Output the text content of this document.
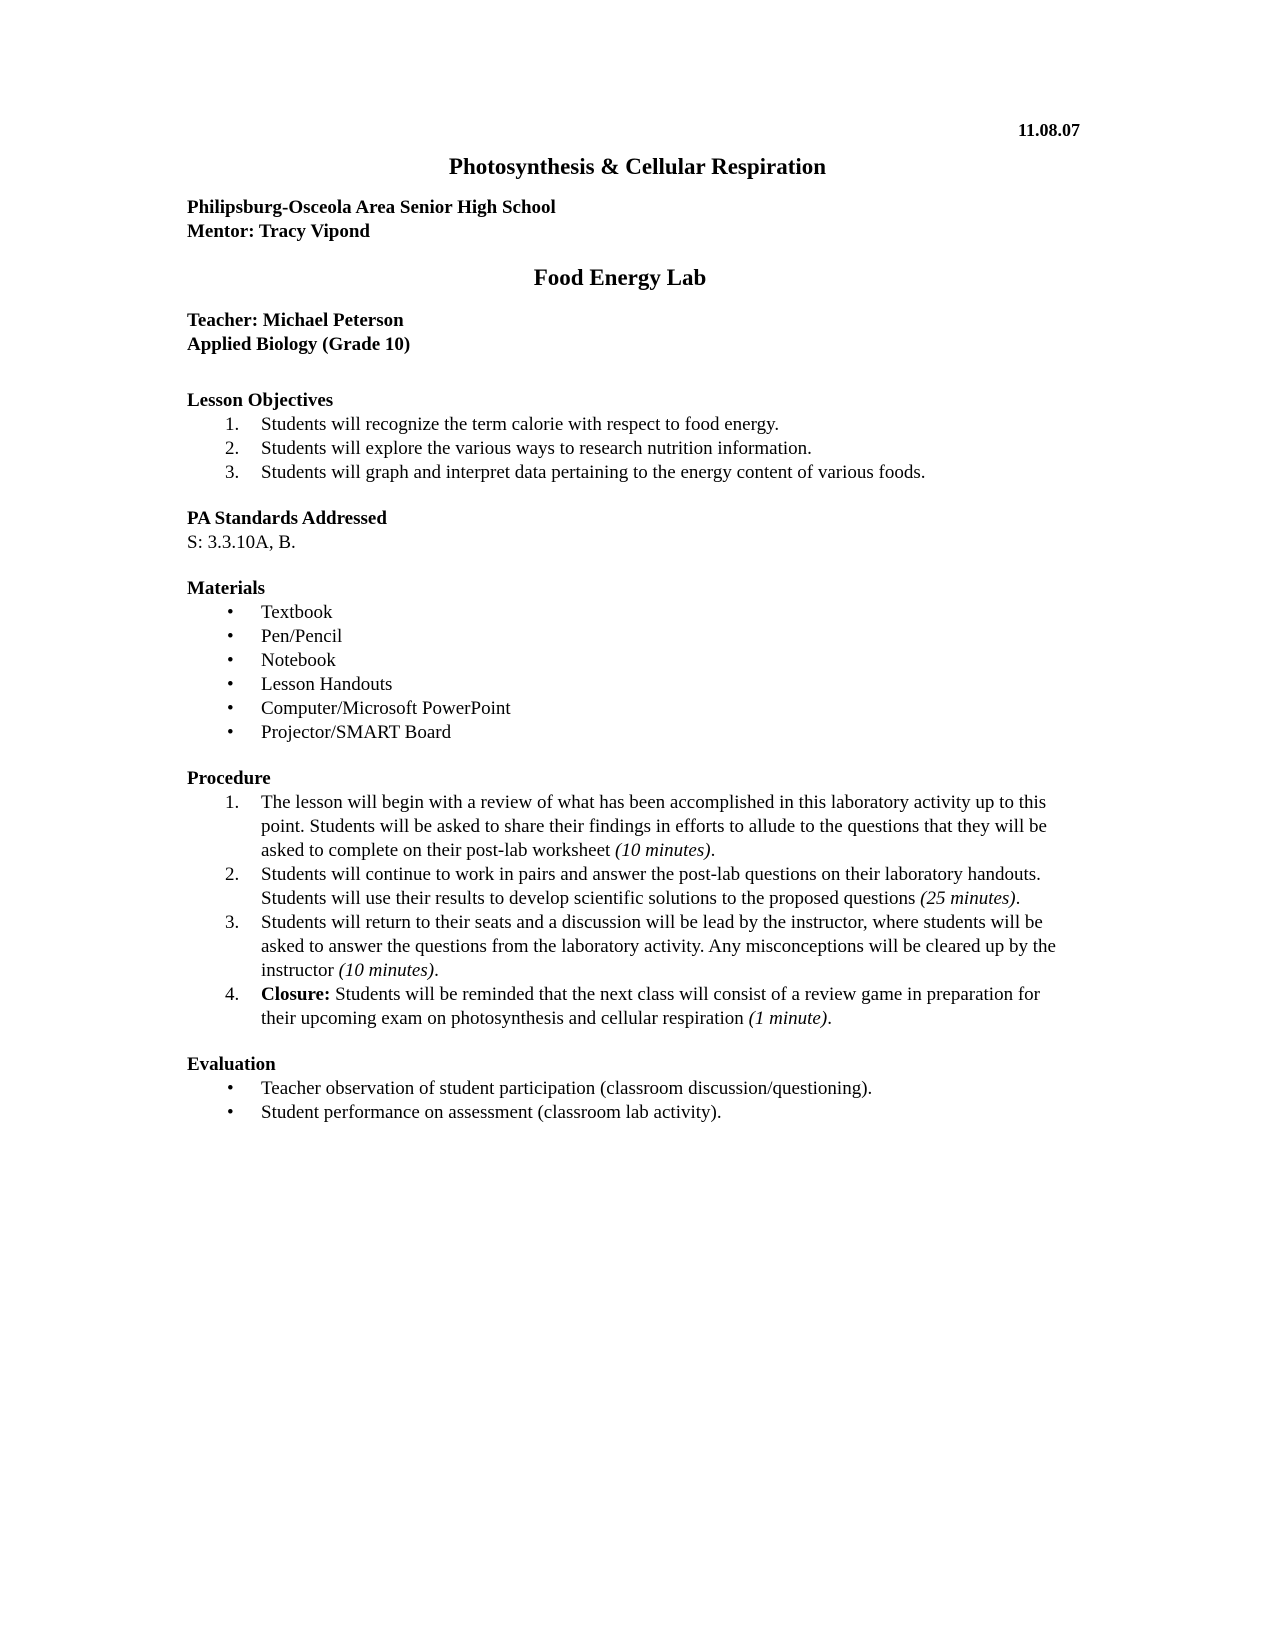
11.08.07
Photosynthesis & Cellular Respiration
Philipsburg-Osceola Area Senior High School
Mentor: Tracy Vipond
Food Energy Lab
Teacher: Michael Peterson
Applied Biology (Grade 10)
Lesson Objectives
1. Students will recognize the term calorie with respect to food energy.
2. Students will explore the various ways to research nutrition information.
3. Students will graph and interpret data pertaining to the energy content of various foods.
PA Standards Addressed
S: 3.3.10A, B.
Materials
• Textbook
• Pen/Pencil
• Notebook
• Lesson Handouts
• Computer/Microsoft PowerPoint
• Projector/SMART Board
Procedure
1. The lesson will begin with a review of what has been accomplished in this laboratory activity up to this point. Students will be asked to share their findings in efforts to allude to the questions that they will be asked to complete on their post-lab worksheet (10 minutes).
2. Students will continue to work in pairs and answer the post-lab questions on their laboratory handouts. Students will use their results to develop scientific solutions to the proposed questions (25 minutes).
3. Students will return to their seats and a discussion will be lead by the instructor, where students will be asked to answer the questions from the laboratory activity. Any misconceptions will be cleared up by the instructor (10 minutes).
4. Closure: Students will be reminded that the next class will consist of a review game in preparation for their upcoming exam on photosynthesis and cellular respiration (1 minute).
Evaluation
• Teacher observation of student participation (classroom discussion/questioning).
• Student performance on assessment (classroom lab activity).
